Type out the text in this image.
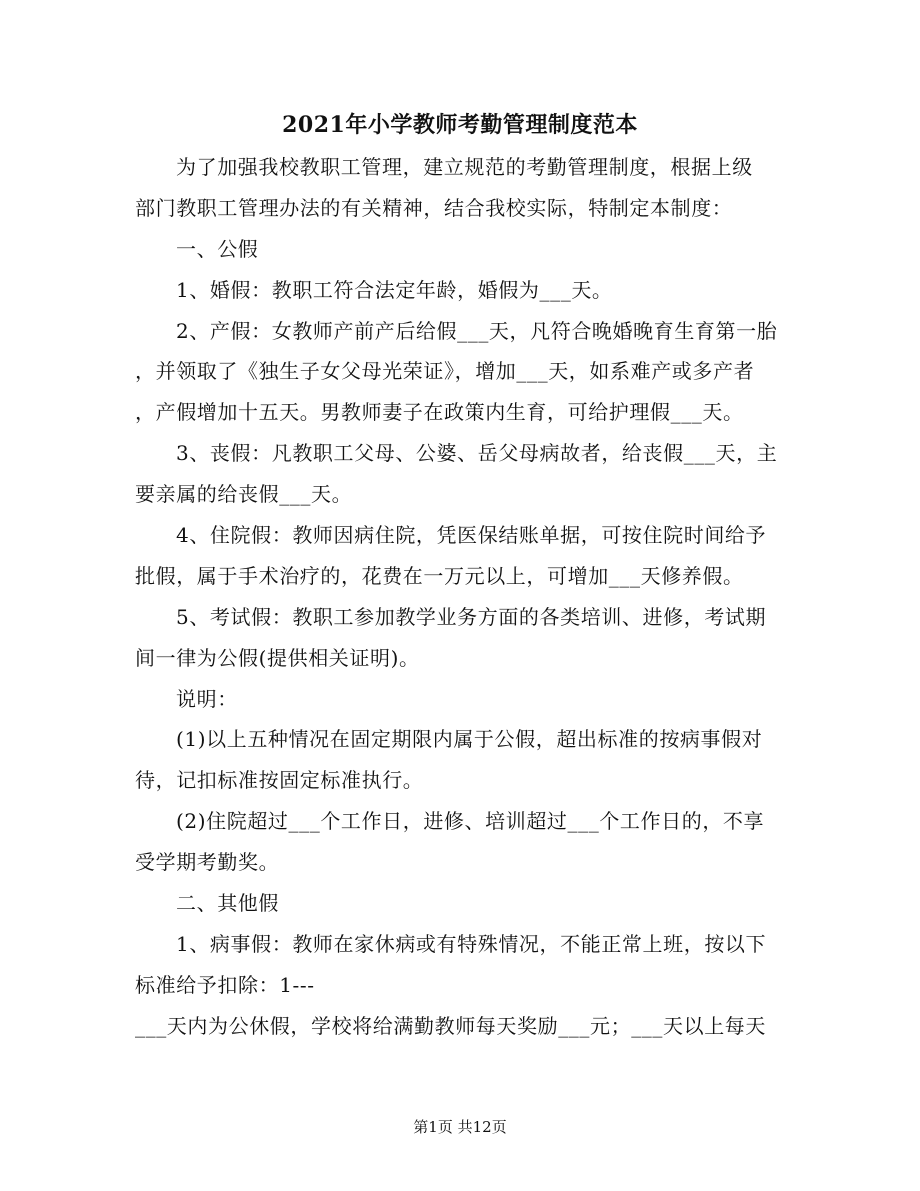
2021年小学教师考勤管理制度范本
为了加强我校教职工管理，建立规范的考勤管理制度，根据上级
部门教职工管理办法的有关精神，结合我校实际，特制定本制度：
一、公假
1、婚假：教职工符合法定年龄，婚假为___天。
2、产假：女教师产前产后给假___天，凡符合晚婚晚育生育第一胎
，并领取了《独生子女父母光荣证》，增加___天，如系难产或多产者
，产假增加十五天。男教师妻子在政策内生育，可给护理假___天。
3、丧假：凡教职工父母、公婆、岳父母病故者，给丧假___天，主
要亲属的给丧假___天。
4、住院假：教师因病住院，凭医保结账单据，可按住院时间给予
批假，属于手术治疗的，花费在一万元以上，可增加___天修养假。
5、考试假：教职工参加教学业务方面的各类培训、进修，考试期
间一律为公假(提供相关证明)。
说明：
(1)以上五种情况在固定期限内属于公假，超出标准的按病事假对
待，记扣标准按固定标准执行。
(2)住院超过___个工作日，进修、培训超过___个工作日的，不享
受学期考勤奖。
二、其他假
1、病事假：教师在家休病或有特殊情况，不能正常上班，按以下
标准给予扣除：1---
___天内为公休假，学校将给满勤教师每天奖励___元；___天以上每天
第1页 共12页
